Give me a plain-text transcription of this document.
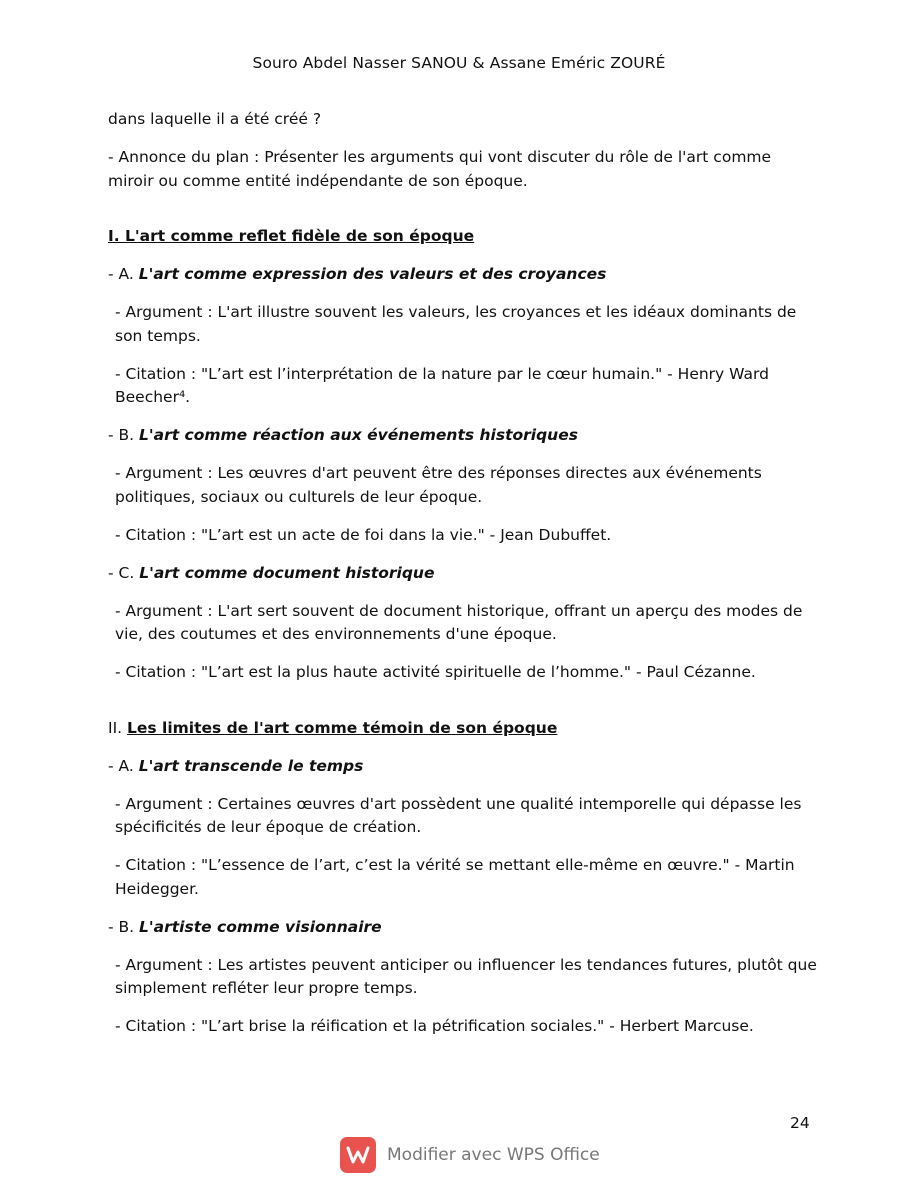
Souro Abdel Nasser SANOU & Assane Eméric ZOURÉ

dans laquelle il a été créé ?

- Annonce du plan : Présenter les arguments qui vont discuter du rôle de l'art comme miroir ou comme entité indépendante de son époque.

I. L'art comme reflet fidèle de son époque

- A. L'art comme expression des valeurs et des croyances

- Argument : L'art illustre souvent les valeurs, les croyances et les idéaux dominants de son temps.

- Citation : "L’art est l’interprétation de la nature par le cœur humain." - Henry Ward Beecher⁴.

- B. L'art comme réaction aux événements historiques

- Argument : Les œuvres d'art peuvent être des réponses directes aux événements politiques, sociaux ou culturels de leur époque.

- Citation : "L’art est un acte de foi dans la vie." - Jean Dubuffet.

- C. L'art comme document historique

- Argument : L'art sert souvent de document historique, offrant un aperçu des modes de vie, des coutumes et des environnements d'une époque.

- Citation : "L’art est la plus haute activité spirituelle de l’homme." - Paul Cézanne.

II. Les limites de l'art comme témoin de son époque

- A. L'art transcende le temps

- Argument : Certaines œuvres d'art possèdent une qualité intemporelle qui dépasse les spécificités de leur époque de création.

- Citation : "L’essence de l’art, c’est la vérité se mettant elle-même en œuvre." - Martin Heidegger.

- B. L'artiste comme visionnaire

- Argument : Les artistes peuvent anticiper ou influencer les tendances futures, plutôt que simplement refléter leur propre temps.

- Citation : "L’art brise la réification et la pétrification sociales." - Herbert Marcuse.

24
Modifier avec WPS Office
